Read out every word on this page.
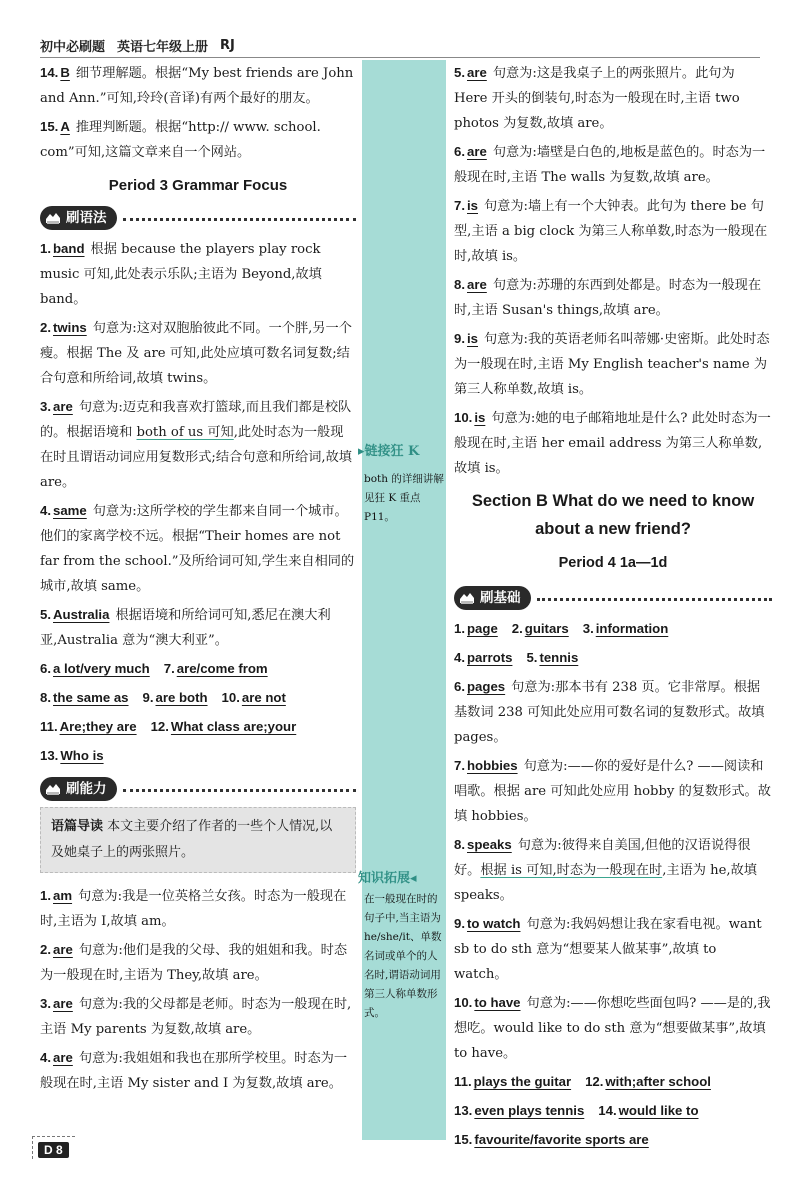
初中必刷题 英语七年级上册 RJ
14. B 细节理解题。根据“My best friends are John and Ann.”可知,玲玲(音译)有两个最好的朋友。
15. A 推理判断题。根据“http:// www. school. com”可知,这篇文章来自一个网站。
Period 3 Grammar Focus
刷语法
1. band 根据 because the players play rock music 可知,此处表示乐队;主语为 Beyond,故填 band。
2. twins 句意为:这对双胞胎彼此不同。一个胖,另一个瘦。根据 The 及 are 可知,此处应填可数名词复数;结合句意和所给词,故填 twins。
3. are 句意为:迈克和我喜欢打篮球,而且我们都是校队的。根据语境和 both of us 可知,此处时态为一般现在时且谓语动词应用复数形式;结合句意和所给词,故填 are。
4. same 句意为:这所学校的学生都来自同一个城市。他们的家离学校不远。根据“Their homes are not far from the school.”及所给词可知,学生来自相同的城市,故填 same。
5. Australia 根据语境和所给词可知,悉尼在澳大利亚,Australia 意为“澳大利亚”。
6. a lot/very much 7. are/come from
8. the same as 9. are both 10. are not
11. Are;they are 12. What class are;your
13. Who is
刷能力
语篇导读 本文主要介绍了作者的一些个人情况,以及她桌子上的两张照片。
1. am 句意为:我是一位英格兰女孩。时态为一般现在时,主语为 I,故填 am。
2. are 句意为:他们是我的父母、我的姐姐和我。时态为一般现在时,主语为 They,故填 are。
3. are 句意为:我的父母都是老师。时态为一般现在时,主语 My parents 为复数,故填 are。
4. are 句意为:我姐姐和我也在那所学校里。时态为一般现在时,主语 My sister and I 为复数,故填 are。
▸链接狂 K
both 的详细讲解见狂 K 重点 P11。
知识拓展◂
在一般现在时的句子中,当主语为 he/she/it、单数名词或单个的人名时,谓语动词用第三人称单数形式。
5. are 句意为:这是我桌子上的两张照片。此句为 Here 开头的倒装句,时态为一般现在时,主语 two photos 为复数,故填 are。
6. are 句意为:墙壁是白色的,地板是蓝色的。时态为一般现在时,主语 The walls 为复数,故填 are。
7. is 句意为:墙上有一个大钟表。此句为 there be 句型,主语 a big clock 为第三人称单数,时态为一般现在时,故填 is。
8. are 句意为:苏珊的东西到处都是。时态为一般现在时,主语 Susan's things,故填 are。
9. is 句意为:我的英语老师名叫蒂娜·史密斯。此处时态为一般现在时,主语 My English teacher's name 为第三人称单数,故填 is。
10. is 句意为:她的电子邮箱地址是什么? 此处时态为一般现在时,主语 her email address 为第三人称单数,故填 is。
Section B What do we need to know about a new friend?
Period 4 1a—1d
刷基础
1. page 2. guitars 3. information
4. parrots 5. tennis
6. pages 句意为:那本书有 238 页。它非常厚。根据基数词 238 可知此处应用可数名词的复数形式。故填 pages。
7. hobbies 句意为:——你的爱好是什么? ——阅读和唱歌。根据 are 可知此处应用 hobby 的复数形式。故填 hobbies。
8. speaks 句意为:彼得来自美国,但他的汉语说得很好。根据 is 可知,时态为一般现在时,主语为 he,故填 speaks。
9. to watch 句意为:我妈妈想让我在家看电视。want sb to do sth 意为“想要某人做某事”,故填 to watch。
10. to have 句意为:——你想吃些面包吗? ——是的,我想吃。would like to do sth 意为“想要做某事”,故填 to have。
11. plays the guitar 12. with;after school
13. even plays tennis 14. would like to
15. favourite/favorite sports are
D 8
